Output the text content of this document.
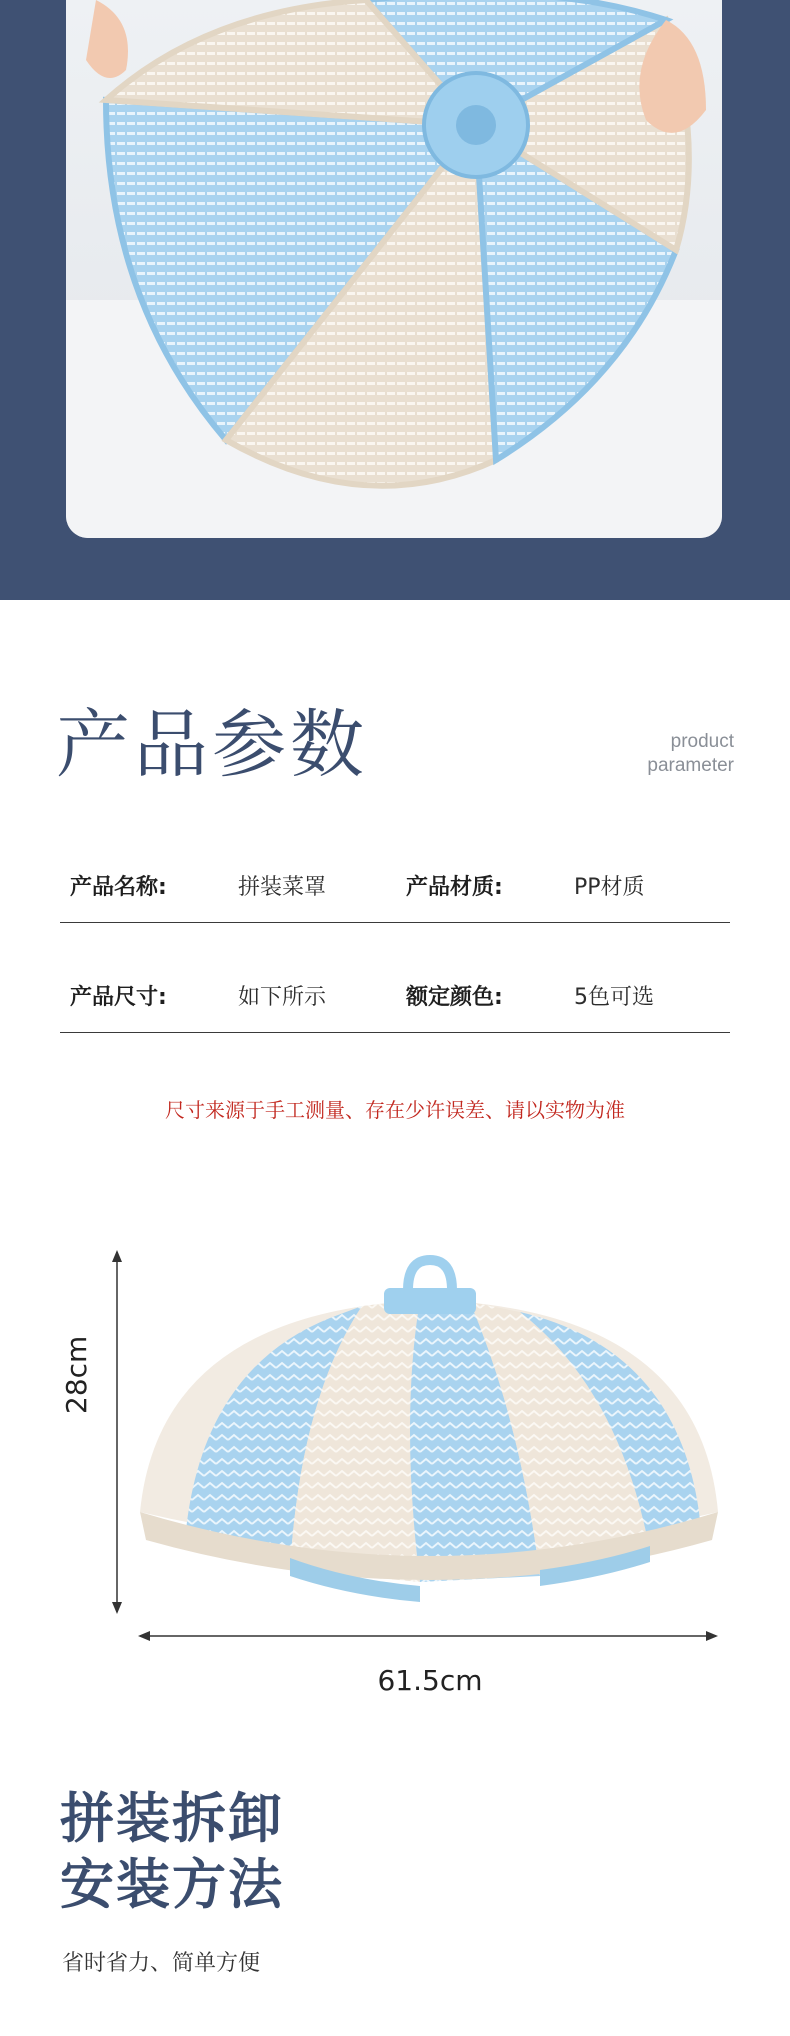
产品参数	product
parameter
产品名称:	拼装菜罩	产品材质:	PP材质
产品尺寸:	如下所示	额定颜色:	5色可选
尺寸来源于手工测量、存在少许误差、请以实物为准
61.5cm
28cm
拼装拆卸
安装方法
省时省力、简单方便
